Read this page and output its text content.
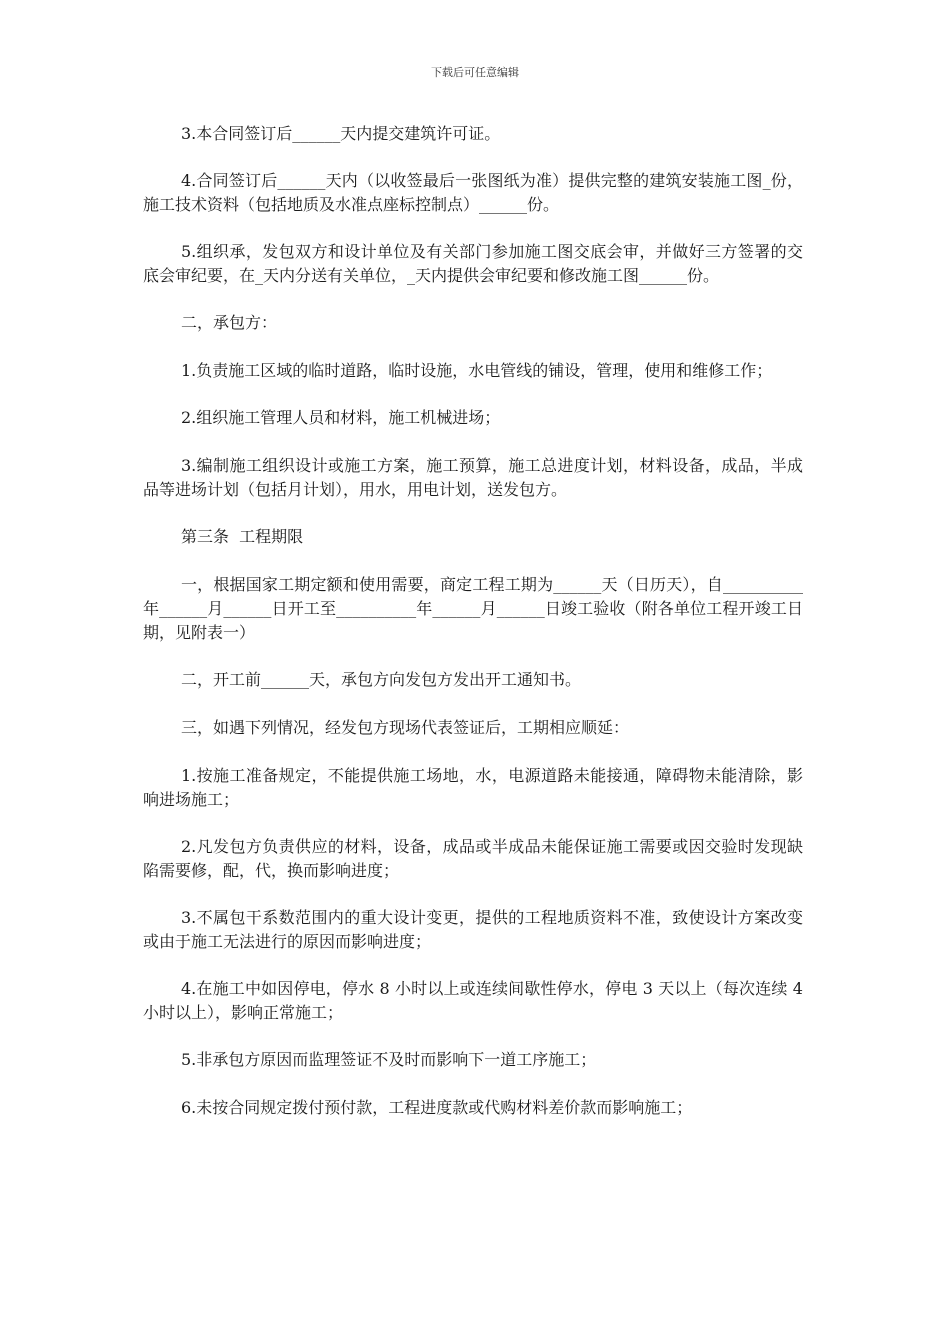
下载后可任意编辑

3.本合同签订后______天内提交建筑许可证。

4.合同签订后______天内（以收签最后一张图纸为准）提供完整的建筑安装施工图_份，施工技术资料（包括地质及水准点座标控制点）______份。

5.组织承，发包双方和设计单位及有关部门参加施工图交底会审，并做好三方签署的交底会审纪要，在_天内分送有关单位，_天内提供会审纪要和修改施工图______份。

二，承包方：

1.负责施工区域的临时道路，临时设施，水电管线的铺设，管理，使用和维修工作；

2.组织施工管理人员和材料，施工机械进场；

3.编制施工组织设计或施工方案，施工预算，施工总进度计划，材料设备，成品，半成品等进场计划（包括月计划），用水，用电计划，送发包方。

第三条  工程期限

一，根据国家工期定额和使用需要，商定工程工期为______天（日历天），自__________年______月______日开工至__________年______月______日竣工验收（附各单位工程开竣工日期，见附表一）

二，开工前______天，承包方向发包方发出开工通知书。

三，如遇下列情况，经发包方现场代表签证后，工期相应顺延：

1.按施工准备规定，不能提供施工场地，水，电源道路未能接通，障碍物未能清除，影响进场施工；

2.凡发包方负责供应的材料，设备，成品或半成品未能保证施工需要或因交验时发现缺陷需要修，配，代，换而影响进度；

3.不属包干系数范围内的重大设计变更，提供的工程地质资料不准，致使设计方案改变或由于施工无法进行的原因而影响进度；

4.在施工中如因停电，停水 8 小时以上或连续间歇性停水，停电 3 天以上（每次连续 4 小时以上），影响正常施工；

5.非承包方原因而监理签证不及时而影响下一道工序施工；

6.未按合同规定拨付预付款，工程进度款或代购材料差价款而影响施工；
